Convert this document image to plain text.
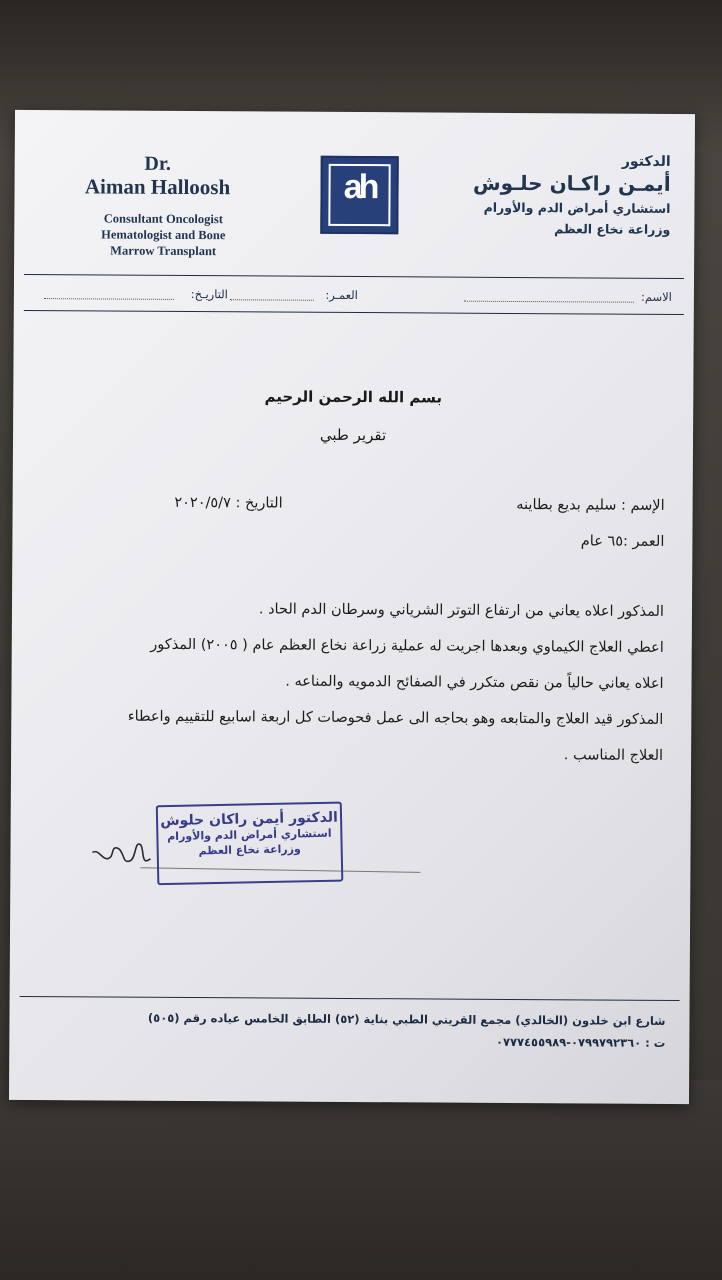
Dr.
Aiman Halloosh
Consultant Oncologist
Hematologist and Bone
Marrow Transplant
ah
الدكتور
أيمـن راكـان حلـوش
استشاري أمراض الدم والأورام
وزراعة نخاع العظم
الاسم:
العمـر:
التاريـخ:
بسم الله الرحمن الرحيم
تقرير طبي
الإسم : سليم بديع بطاينه
التاريخ : ٢٠٢٠/٥/٧
العمر :٦٥ عام
المذكور اعلاه يعاني من ارتفاع التوتر الشرياني وسرطان الدم الحاد .
اعطي العلاج الكيماوي وبعدها اجريت له عملية زراعة نخاع العظم عام ( ٢٠٠٥) المذكور
اعلاه يعاني حالياً من نقص متكرر في الصفائح الدمويه والمناعه .
المذكور قيد العلاج والمتابعه وهو بحاجه الى عمل فحوصات كل اربعة اسابيع للتقييم واعطاء
العلاج المناسب .
الدكتور أيمن راكان حلوش
استشاري أمراض الدم والأورام
وزراعة نخاع العظم
شارع ابن خلدون (الخالدي) مجمع القريني الطبي بناية (٥٢) الطابق الخامس عياده رقم (٥٠٥)
ت : ٠٧٩٩٧٩٢٣٦٠-٠٧٧٧٤٥٥٩٨٩
